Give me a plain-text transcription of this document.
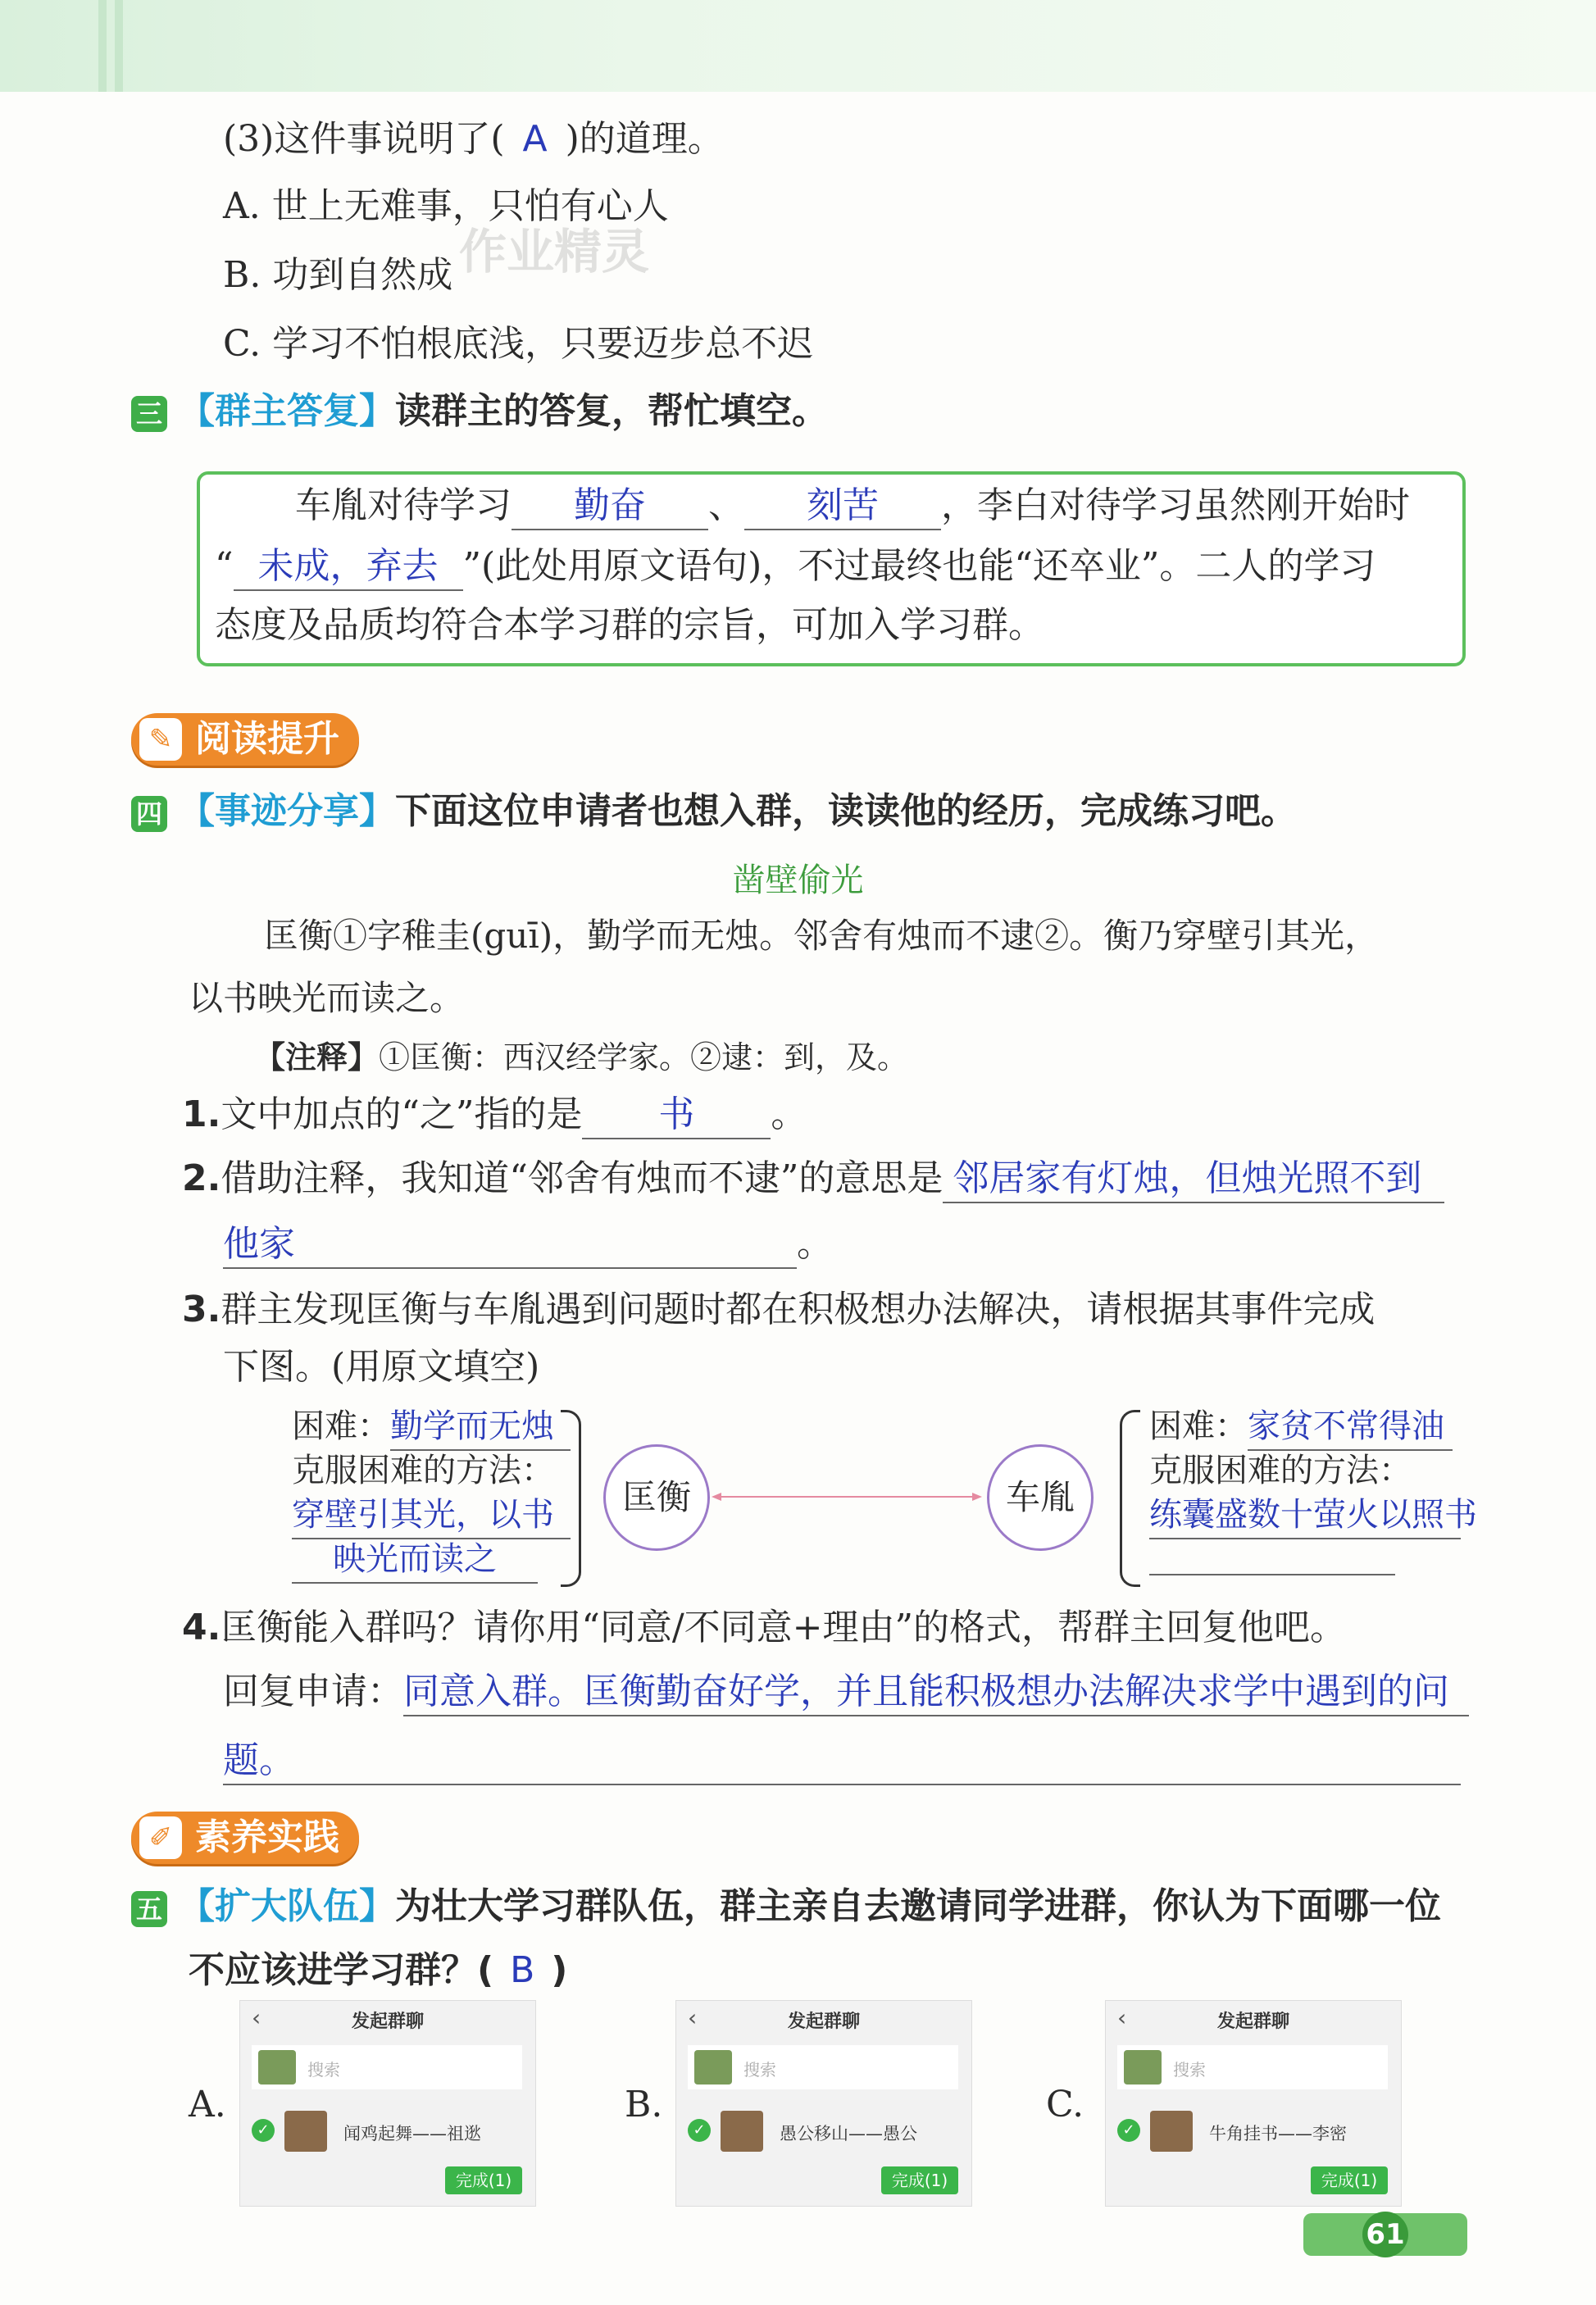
(3)这件事说明了( A )的道理。
A. 世上无难事，只怕有心人
B. 功到自然成
C. 学习不怕根底浅，只要迈步总不迟
作业精灵
三 【群主答复】读群主的答复，帮忙填空。
车胤对待学习 勤奋 、 刻苦 ，李白对待学习虽然刚开始时
“ 未成，弃去 ”(此处用原文语句)，不过最终也能“还卒业”。二人的学习
态度及品质均符合本学习群的宗旨，可加入学习群。
✎ 阅读提升
四 【事迹分享】下面这位申请者也想入群，读读他的经历，完成练习吧。
凿壁偷光
匡衡①字稚圭(guī)，勤学而无烛。邻舍有烛而不逮②。衡乃穿壁引其光，
以书映光而读之。
【注释】①匡衡：西汉经学家。②逮：到，及。
1.文中加点的“之”指的是 书 。
2.借助注释，我知道“邻舍有烛而不逮”的意思是 邻居家有灯烛，但烛光照不到
他家	。
3.群主发现匡衡与车胤遇到问题时都在积极想办法解决，请根据其事件完成
下图。(用原文填空)
困难：勤学而无烛
克服困难的方法：
穿壁引其光，以书
映光而读之
匡衡	车胤
困难：家贫不常得油
克服困难的方法：
练囊盛数十萤火以照书
4.匡衡能入群吗？请你用“同意/不同意+理由”的格式，帮群主回复他吧。
回复申请：同意入群。匡衡勤奋好学，并且能积极想办法解决求学中遇到的问
题。
✐ 素养实践
五 【扩大队伍】为壮大学习群队伍，群主亲自去邀请同学进群，你认为下面哪一位
不应该进学习群？( B )
A.
‹	发起群聊
搜索
✓	闻鸡起舞——祖逖
完成(1)
B.
‹	发起群聊
搜索
✓	愚公移山——愚公
完成(1)
C.
‹	发起群聊
搜索
✓	牛角挂书——李密
完成(1)
61
